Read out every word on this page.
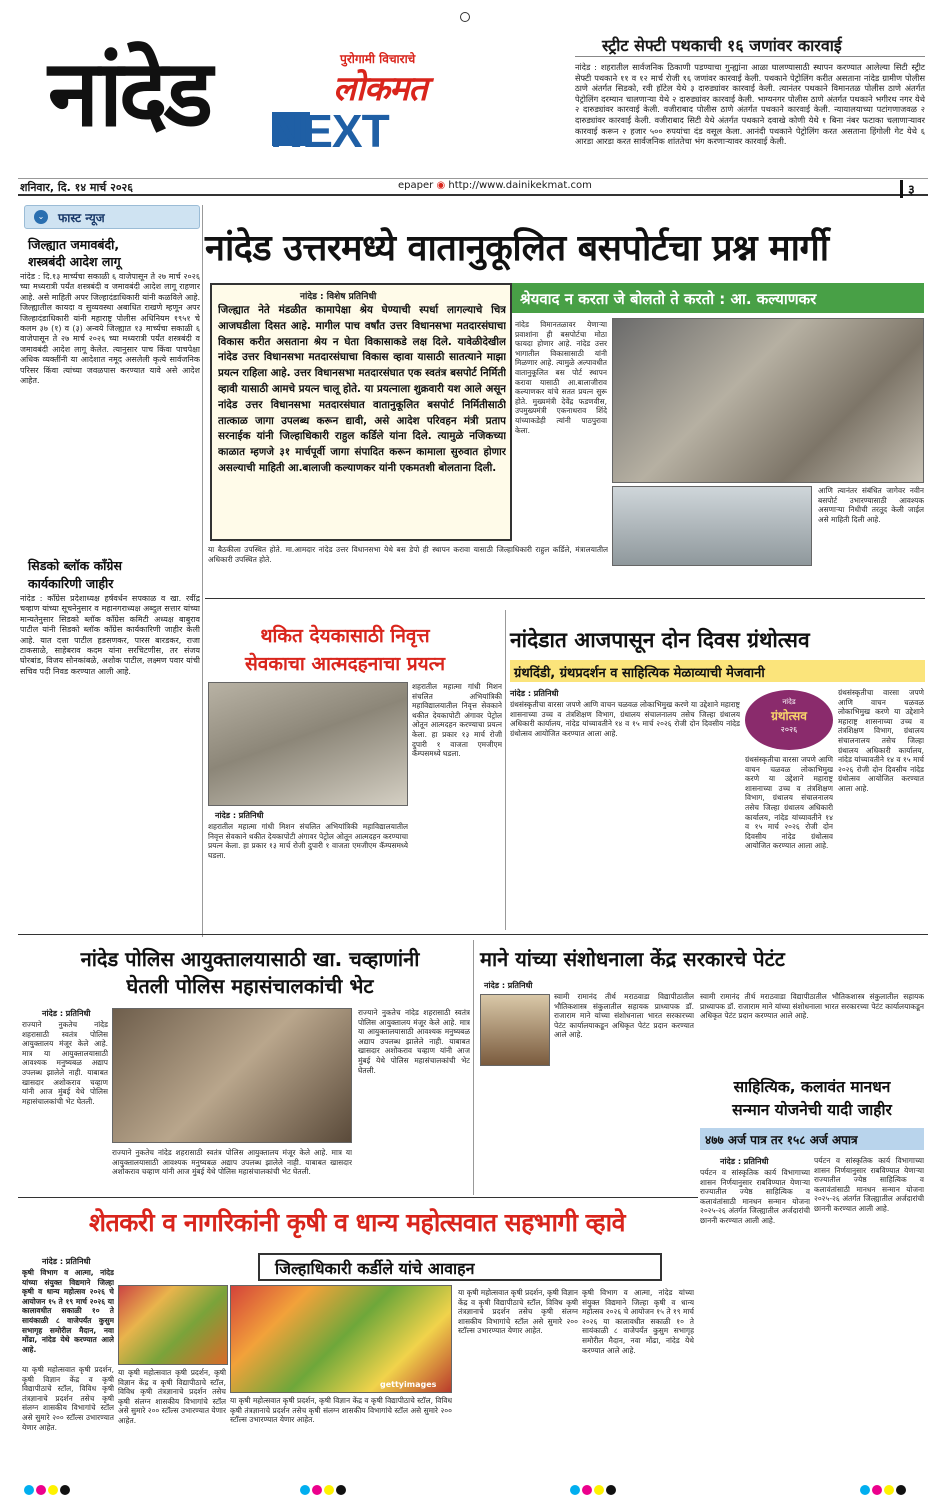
नांदेड	पुरोगामी विचाराचे
लोकमत
NEXT
स्ट्रीट सेफ्टी पथकाची १६ जणांवर कारवाई
नांदेड : शहरातील सार्वजनिक ठिकाणी पडण्याचा गुन्ह्यांना आळा घालण्यासाठी स्थापन करण्यात आलेल्या सिटी स्ट्रीट सेफ्टी पथकाने ११ व १२ मार्च रोजी १६ जणांवर कारवाई केली. पथकाने पेट्रोलिंग करीत असताना नांदेड ग्रामीण पोलीस ठाणे अंतर्गत सिडको, रवी हॉटेल येथे ३ दारुड्यांवर कारवाई केली. त्यानंतर पथकाने विमानतळ पोलीस ठाणे अंतर्गत पेट्रोलिंग दरम्यान चालणाऱ्या येथे २ दारुड्यांवर कारवाई केली. भाग्यनगर पोलीस ठाणे अंतर्गत पथकाने भगीरथ नगर येथे २ दारुड्यांवर कारवाई केली. वजीराबाद पोलीस ठाणे अंतर्गत पथकाने कारवाई केली. न्यायालयाच्या पटांगणाजवळ २ दारुड्यांवर कारवाई केली. वजीराबाद सिटी येथे अंतर्गत पथकाने दवाखे कोणी येथे १ बिना नंबर फटाका चलाणाऱ्यावर कारवाई करून २ हजार ५०० रुपयांचा दंड वसूल केला. आनंदी पथकाने पेट्रोलिंग करत असताना हिंगोली गेट येथे ६ आरडा आरडा करत सार्वजनिक शांततेचा भंग करणाऱ्यावर कारवाई केली.
शनिवार, दि. १४ मार्च २०२६	epaper ◉ http://www.dainikekmat.com	३
⌄	फास्ट न्यूज
जिल्ह्यात जमावबंदी,
शस्त्रबंदी आदेश लागू
नांदेड : दि.१३ मार्च्यचा सकाळी ६ वाजेपासून ते २७ मार्च २०२६ च्या मध्यरात्री पर्यंत शस्त्रबंदी व जमावबंदी आदेश लागू राहणार आहे. असे माहिती अपर जिल्हादंडाधिकारी यांनी कळविले आहे. जिल्ह्यातील कायदा व सुव्यवस्था अबाधित राखणे म्हणून अपर जिल्हादंडाधिकारी यांनी महाराष्ट्र पोलीस अधिनियम १९५१ चे कलम ३७ (१) व (३) अन्वये जिल्ह्यात १३ मार्च्यचा सकाळी ६ वाजेपासून ते २७ मार्च २०२६ च्या मध्यरात्री पर्यंत शस्त्रबंदी व जमावबंदी आदेश लागू केलेत. त्यानुसार पाच किंवा पाचपेक्षा अधिक व्यक्तींनी या आदेशात नमूद असलेली कृत्ये सार्वजनिक परिसर किंवा त्यांच्या जवळपास करण्यात यावे असे आदेश आहेत.
सिडको ब्लॉक कॉंग्रेस
कार्यकारिणी जाहीर
नांदेड : काँग्रेस प्रदेशाध्यक्ष हर्षवर्धन सपकाळ व खा. रवींद्र चव्हाण यांच्या सूचनेनुसार व महानगराध्यक्ष अब्दुल सत्तार यांच्या मान्यतेनुसार सिडको ब्लॉक काँग्रेस कमिटी अध्यक्ष बाबुराव पाटील यांनी सिडको ब्लॉक काँग्रेस कार्यकारिणी जाहीर केली आहे. यात दत्ता पाटील हडसणकर, पारस बारडकर, राजा टाकसाळे, साहेबराव कदम यांना सरचिटणीस, तर संजय घोरबांड, विजय सोनकांबळे, अशोक पाटील, लक्ष्मण पवार यांची सचिव पदी निवड करण्यात आली आहे.
नांदेड उत्तरमध्ये वातानुकूलित बसपोर्टचा प्रश्न मार्गी
नांदेड : विशेष प्रतिनिधी
जिल्ह्यात नेते मंडळीत कामापेक्षा श्रेय घेण्याची स्पर्धा लागल्याचे चित्र आजघडीला दिसत आहे. मागील पाच वर्षांत उत्तर विधानसभा मतदारसंघाचा विकास करीत असताना श्रेय न घेता विकासाकडे लक्ष दिले. यावेळीदेखील नांदेड उत्तर विधानसभा मतदारसंघाचा विकास व्हावा यासाठी सातत्याने माझा प्रयत्न राहिला आहे. उत्तर विधानसभा मतदारसंघात एक स्वतंत्र बसपोर्ट निर्मिती व्हावी यासाठी आमचे प्रयत्न चालू होते. या प्रयत्नाला शुक्रवारी यश आले असून नांदेड उत्तर विधानसभा मतदारसंघात वातानुकूलित बसपोर्ट निर्मितीसाठी तात्काळ जागा उपलब्ध करून द्यावी, असे आदेश परिवहन मंत्री प्रताप सरनाईक यांनी जिल्हाधिकारी राहुल कर्डिले यांना दिले. त्यामुळे नजिकच्या काळात म्हणजे ३१ मार्चपूर्वी जागा संपादित करून कामाला सुरुवात होणार असल्याची माहिती आ.बालाजी कल्याणकर यांनी एकमतशी बोलताना दिली.
श्रेयवाद न करता जे बोलतो ते करतो : आ. कल्याणकर
नांदेड विमानतळावर येणाऱ्या प्रवाशांना ही बसपोर्टचा मोठा फायदा होणार आहे. नांदेड उत्तर भागातील विकासासाठी यांनी मिळणार आहे. त्यामुळे अल्पावधीत वातानुकूलित बस पोर्ट स्थापन करावा यासाठी आ.बालाजीराव कल्याणकर यांचे सतत प्रयत्न सुरू होते. मुख्यमंत्री देवेंद्र फडणवीस, उपमुख्यमंत्री एकनाथराव शिंदे यांच्याकडेही त्यांनी पाठपुरावा केला.
आणि त्यानंतर संबंधित जागेवर नवीन बसपोर्ट उभारण्यासाठी आवश्यक असणाऱ्या निधीची तरतूद केली जाईल असे माहिती दिली आहे.
या बैठकीला उपस्थित होते. मा.आमदार नांदेड उत्तर विधानसभा येथे बस डेपो ही स्थापन करावा यासाठी जिल्हाधिकारी राहुल कर्डिले, मंत्रालयातील अधिकारी उपस्थित होते.
थकित देयकासाठी निवृत्त
सेवकाचा आत्मदहनाचा प्रयत्न
नांदेड : प्रतिनिधी
शहरातील महात्मा गांधी मिशन संचलित अभियांत्रिकी महाविद्यालयातील निवृत्त सेवकाने थकीत देयकापोटी अंगावर पेट्रोल ओतून आत्मदहन करण्याचा प्रयत्न केला. हा प्रकार १३ मार्च रोजी दुपारी १ वाजता एमजीएम कॅम्पसमध्ये घडला.
शहरातील महात्मा गांधी मिशन संचलित अभियांत्रिकी महाविद्यालयातील निवृत्त सेवकाने थकीत देयकापोटी अंगावर पेट्रोल ओतून आत्मदहन करण्याचा प्रयत्न केला. हा प्रकार १३ मार्च रोजी दुपारी १ वाजता एमजीएम कॅम्पसमध्ये घडला.
नांदेडात आजपासून दोन दिवस ग्रंथोत्सव
ग्रंथदिंडी, ग्रंथप्रदर्शन व साहित्यिक मेळाव्याची मेजवानी
नांदेड : प्रतिनिधी
ग्रंथसंस्कृतीचा वारसा जपणे आणि वाचन चळवळ लोकाभिमुख करणे या उद्देशाने महाराष्ट्र शासनाच्या उच्च व तंत्रशिक्षण विभाग, ग्रंथालय संचालनालय तसेच जिल्हा ग्रंथालय अधिकारी कार्यालय, नांदेड यांच्यावतीने १४ व १५ मार्च २०२६ रोजी दोन दिवसीय नांदेड ग्रंथोत्सव आयोजित करण्यात आला आहे.
नांदेड
ग्रंथोत्सव
२०२६
ग्रंथसंस्कृतीचा वारसा जपणे आणि वाचन चळवळ लोकाभिमुख करणे या उद्देशाने महाराष्ट्र शासनाच्या उच्च व तंत्रशिक्षण विभाग, ग्रंथालय संचालनालय तसेच जिल्हा ग्रंथालय अधिकारी कार्यालय, नांदेड यांच्यावतीने १४ व १५ मार्च २०२६ रोजी दोन दिवसीय नांदेड ग्रंथोत्सव आयोजित करण्यात आला आहे.
ग्रंथसंस्कृतीचा वारसा जपणे आणि वाचन चळवळ लोकाभिमुख करणे या उद्देशाने महाराष्ट्र शासनाच्या उच्च व तंत्रशिक्षण विभाग, ग्रंथालय संचालनालय तसेच जिल्हा ग्रंथालय अधिकारी कार्यालय, नांदेड यांच्यावतीने १४ व १५ मार्च २०२६ रोजी दोन दिवसीय नांदेड ग्रंथोत्सव आयोजित करण्यात आला आहे.
नांदेड पोलिस आयुक्तालयासाठी खा. चव्हाणांनी
घेतली पोलिस महासंचालकांची भेट
नांदेड : प्रतिनिधी
राज्याने नुकतेच नांदेड शहरासाठी स्वतंत्र पोलिस आयुक्तालय मंजूर केले आहे. मात्र या आयुक्तालयासाठी आवश्यक मनुष्यबळ अद्याप उपलब्ध झालेले नाही. याबाबत खासदार अशोकराव चव्हाण यांनी आज मुंबई येथे पोलिस महासंचालकांची भेट घेतली.
राज्याने नुकतेच नांदेड शहरासाठी स्वतंत्र पोलिस आयुक्तालय मंजूर केले आहे. मात्र या आयुक्तालयासाठी आवश्यक मनुष्यबळ अद्याप उपलब्ध झालेले नाही. याबाबत खासदार अशोकराव चव्हाण यांनी आज मुंबई येथे पोलिस महासंचालकांची भेट घेतली.
राज्याने नुकतेच नांदेड शहरासाठी स्वतंत्र पोलिस आयुक्तालय मंजूर केले आहे. मात्र या आयुक्तालयासाठी आवश्यक मनुष्यबळ अद्याप उपलब्ध झालेले नाही. याबाबत खासदार अशोकराव चव्हाण यांनी आज मुंबई येथे पोलिस महासंचालकांची भेट घेतली.
माने यांच्या संशोधनाला केंद्र सरकारचे पेटंट
नांदेड : प्रतिनिधी
स्वामी रामानंद तीर्थ मराठवाडा विद्यापीठातील भौतिकशास्त्र संकुलातील सहायक प्राध्यापक डॉ. राजाराम माने यांच्या संशोधनाला भारत सरकारच्या पेटंट कार्यालयाकडून अधिकृत पेटंट प्रदान करण्यात आले आहे.
स्वामी रामानंद तीर्थ मराठवाडा विद्यापीठातील भौतिकशास्त्र संकुलातील सहायक प्राध्यापक डॉ. राजाराम माने यांच्या संशोधनाला भारत सरकारच्या पेटंट कार्यालयाकडून अधिकृत पेटंट प्रदान करण्यात आले आहे.
साहित्यिक, कलावंत मानधन
सन्मान योजनेची यादी जाहीर
४७७ अर्ज पात्र तर १५८ अर्ज अपात्र
नांदेड : प्रतिनिधी
पर्यटन व सांस्कृतिक कार्य विभागाच्या शासन निर्णयानुसार राबविण्यात येणाऱ्या राज्यातील ज्येष्ठ साहित्यिक व कलावंतांसाठी मानधन सन्मान योजना २०२५-२६ अंतर्गत जिल्ह्यातील अर्जदारांची छाननी करण्यात आली आहे.
पर्यटन व सांस्कृतिक कार्य विभागाच्या शासन निर्णयानुसार राबविण्यात येणाऱ्या राज्यातील ज्येष्ठ साहित्यिक व कलावंतांसाठी मानधन सन्मान योजना २०२५-२६ अंतर्गत जिल्ह्यातील अर्जदारांची छाननी करण्यात आली आहे.
शेतकरी व नागरिकांनी कृषी व धान्य महोत्सवात सहभागी व्हावे
जिल्हाधिकारी कर्डीले यांचे आवाहन
नांदेड : प्रतिनिधी
कृषी विभाग व आत्मा, नांदेड यांच्या संयुक्त विद्यमाने जिल्हा कृषी व धान्य महोत्सव २०२६ चे आयोजन १५ ते १९ मार्च २०२६ या कालावधीत सकाळी १० ते सायंकाळी ८ वाजेपर्यंत कुसुम सभागृह समोरील मैदान, नवा मोंढा, नांदेड येथे करण्यात आले आहे.
या कृषी महोत्सवात कृषी प्रदर्शन, कृषी विज्ञान केंद्र व कृषी विद्यापीठाचे स्टॉल, विविध कृषी तंत्रज्ञानाचे प्रदर्शन तसेच कृषी संलग्न शासकीय विभागांचे स्टॉल असे सुमारे २०० स्टॉल्स उभारण्यात येणार आहेत.
gettyimages
या कृषी महोत्सवात कृषी प्रदर्शन, कृषी विज्ञान केंद्र व कृषी विद्यापीठाचे स्टॉल, विविध कृषी तंत्रज्ञानाचे प्रदर्शन तसेच कृषी संलग्न शासकीय विभागांचे स्टॉल असे सुमारे २०० स्टॉल्स उभारण्यात येणार आहेत.
या कृषी महोत्सवात कृषी प्रदर्शन, कृषी विज्ञान केंद्र व कृषी विद्यापीठाचे स्टॉल, विविध कृषी तंत्रज्ञानाचे प्रदर्शन तसेच कृषी संलग्न शासकीय विभागांचे स्टॉल असे सुमारे २०० स्टॉल्स उभारण्यात येणार आहेत.
या कृषी महोत्सवात कृषी प्रदर्शन, कृषी विज्ञान केंद्र व कृषी विद्यापीठाचे स्टॉल, विविध कृषी तंत्रज्ञानाचे प्रदर्शन तसेच कृषी संलग्न शासकीय विभागांचे स्टॉल असे सुमारे २०० स्टॉल्स उभारण्यात येणार आहेत.
कृषी विभाग व आत्मा, नांदेड यांच्या संयुक्त विद्यमाने जिल्हा कृषी व धान्य महोत्सव २०२६ चे आयोजन १५ ते १९ मार्च २०२६ या कालावधीत सकाळी १० ते सायंकाळी ८ वाजेपर्यंत कुसुम सभागृह समोरील मैदान, नवा मोंढा, नांदेड येथे करण्यात आले आहे.
